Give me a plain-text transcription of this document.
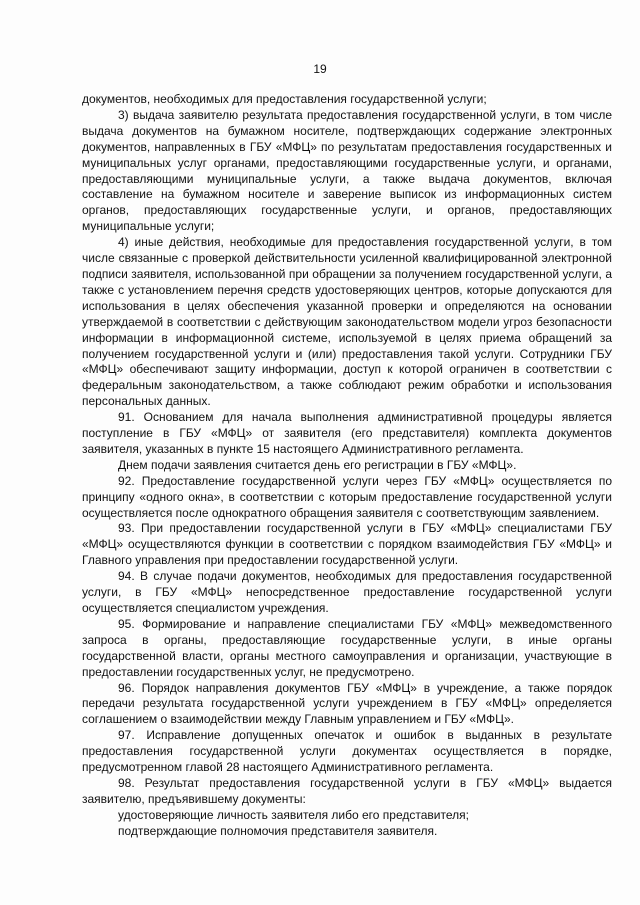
19

документов, необходимых для предоставления государственной услуги;

3) выдача заявителю результата предоставления государственной услуги, в том числе выдача документов на бумажном носителе, подтверждающих содержание электронных документов, направленных в ГБУ «МФЦ» по результатам предоставления государственных и муниципальных услуг органами, предоставляющими государственные услуги, и органами, предоставляющими муниципальные услуги, а также выдача документов, включая составление на бумажном носителе и заверение выписок из информационных систем органов, предоставляющих государственные услуги, и органов, предоставляющих муниципальные услуги;

4) иные действия, необходимые для предоставления государственной услуги, в том числе связанные с проверкой действительности усиленной квалифицированной электронной подписи заявителя, использованной при обращении за получением государственной услуги, а также с установлением перечня средств удостоверяющих центров, которые допускаются для использования в целях обеспечения указанной проверки и определяются на основании утверждаемой в соответствии с действующим законодательством модели угроз безопасности информации в информационной системе, используемой в целях приема обращений за получением государственной услуги и (или) предоставления такой услуги. Сотрудники ГБУ «МФЦ» обеспечивают защиту информации, доступ к которой ограничен в соответствии с федеральным законодательством, а также соблюдают режим обработки и использования персональных данных.

91. Основанием для начала выполнения административной процедуры является поступление в ГБУ «МФЦ» от заявителя (его представителя) комплекта документов заявителя, указанных в пункте 15 настоящего Административного регламента.

Днем подачи заявления считается день его регистрации в ГБУ «МФЦ».

92. Предоставление государственной услуги через ГБУ «МФЦ» осуществляется по принципу «одного окна», в соответствии с которым предоставление государственной услуги осуществляется после однократного обращения заявителя с соответствующим заявлением.

93. При предоставлении государственной услуги в ГБУ «МФЦ» специалистами ГБУ «МФЦ» осуществляются функции в соответствии с порядком взаимодействия ГБУ «МФЦ» и Главного управления при предоставлении государственной услуги.

94. В случае подачи документов, необходимых для предоставления государственной услуги, в ГБУ «МФЦ» непосредственное предоставление государственной услуги осуществляется специалистом учреждения.

95. Формирование и направление специалистами ГБУ «МФЦ» межведомственного запроса в органы, предоставляющие государственные услуги, в иные органы государственной власти, органы местного самоуправления и организации, участвующие в предоставлении государственных услуг, не предусмотрено.

96. Порядок направления документов ГБУ «МФЦ» в учреждение, а также порядок передачи результата государственной услуги учреждением в ГБУ «МФЦ» определяется соглашением о взаимодействии между Главным управлением и ГБУ «МФЦ».

97. Исправление допущенных опечаток и ошибок в выданных в результате предоставления государственной услуги документах осуществляется в порядке, предусмотренном главой 28 настоящего Административного регламента.

98. Результат предоставления государственной услуги в ГБУ «МФЦ» выдается заявителю, предъявившему документы:

удостоверяющие личность заявителя либо его представителя;

подтверждающие полномочия представителя заявителя.
